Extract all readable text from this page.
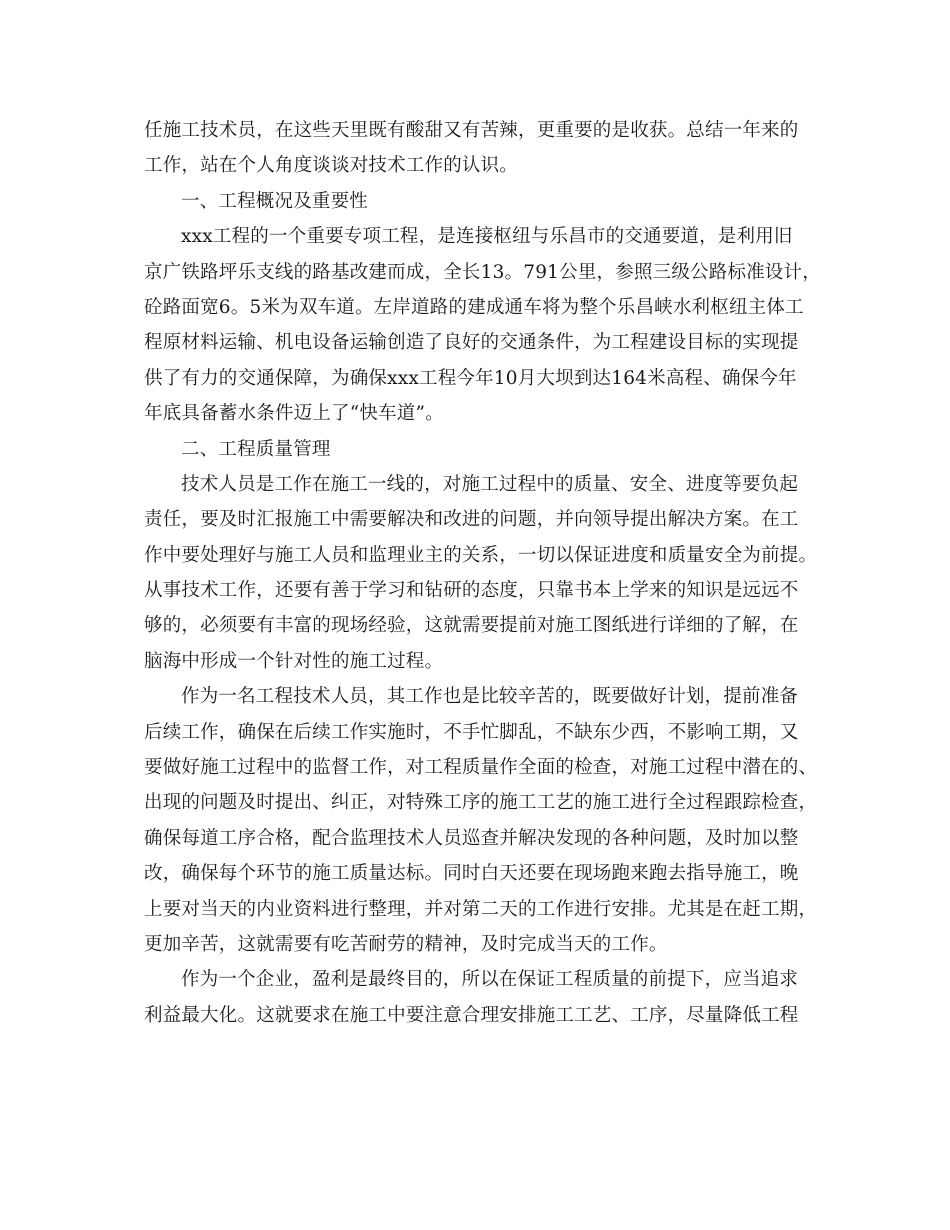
任施工技术员，在这些天里既有酸甜又有苦辣，更重要的是收获。总结一年来的
工作，站在个人角度谈谈对技术工作的认识。
一、工程概况及重要性
xxx工程的一个重要专项工程，是连接枢纽与乐昌市的交通要道，是利用旧
京广铁路坪乐支线的路基改建而成，全长13。791公里，参照三级公路标准设计，
砼路面宽6。5米为双车道。左岸道路的建成通车将为整个乐昌峡水利枢纽主体工
程原材料运输、机电设备运输创造了良好的交通条件，为工程建设目标的实现提
供了有力的交通保障，为确保xxx工程今年10月大坝到达164米高程、确保今年
年底具备蓄水条件迈上了“快车道”。
二、工程质量管理
技术人员是工作在施工一线的，对施工过程中的质量、安全、进度等要负起
责任，要及时汇报施工中需要解决和改进的问题，并向领导提出解决方案。在工
作中要处理好与施工人员和监理业主的关系，一切以保证进度和质量安全为前提。
从事技术工作，还要有善于学习和钻研的态度，只靠书本上学来的知识是远远不
够的，必须要有丰富的现场经验，这就需要提前对施工图纸进行详细的了解，在
脑海中形成一个针对性的施工过程。
作为一名工程技术人员，其工作也是比较辛苦的，既要做好计划，提前准备
后续工作，确保在后续工作实施时，不手忙脚乱，不缺东少西，不影响工期，又
要做好施工过程中的监督工作，对工程质量作全面的检查，对施工过程中潜在的、
出现的问题及时提出、纠正，对特殊工序的施工工艺的施工进行全过程跟踪检查，
确保每道工序合格，配合监理技术人员巡查并解决发现的各种问题，及时加以整
改，确保每个环节的施工质量达标。同时白天还要在现场跑来跑去指导施工，晚
上要对当天的内业资料进行整理，并对第二天的工作进行安排。尤其是在赶工期，
更加辛苦，这就需要有吃苦耐劳的精神，及时完成当天的工作。
作为一个企业，盈利是最终目的，所以在保证工程质量的前提下，应当追求
利益最大化。这就要求在施工中要注意合理安排施工工艺、工序，尽量降低工程
